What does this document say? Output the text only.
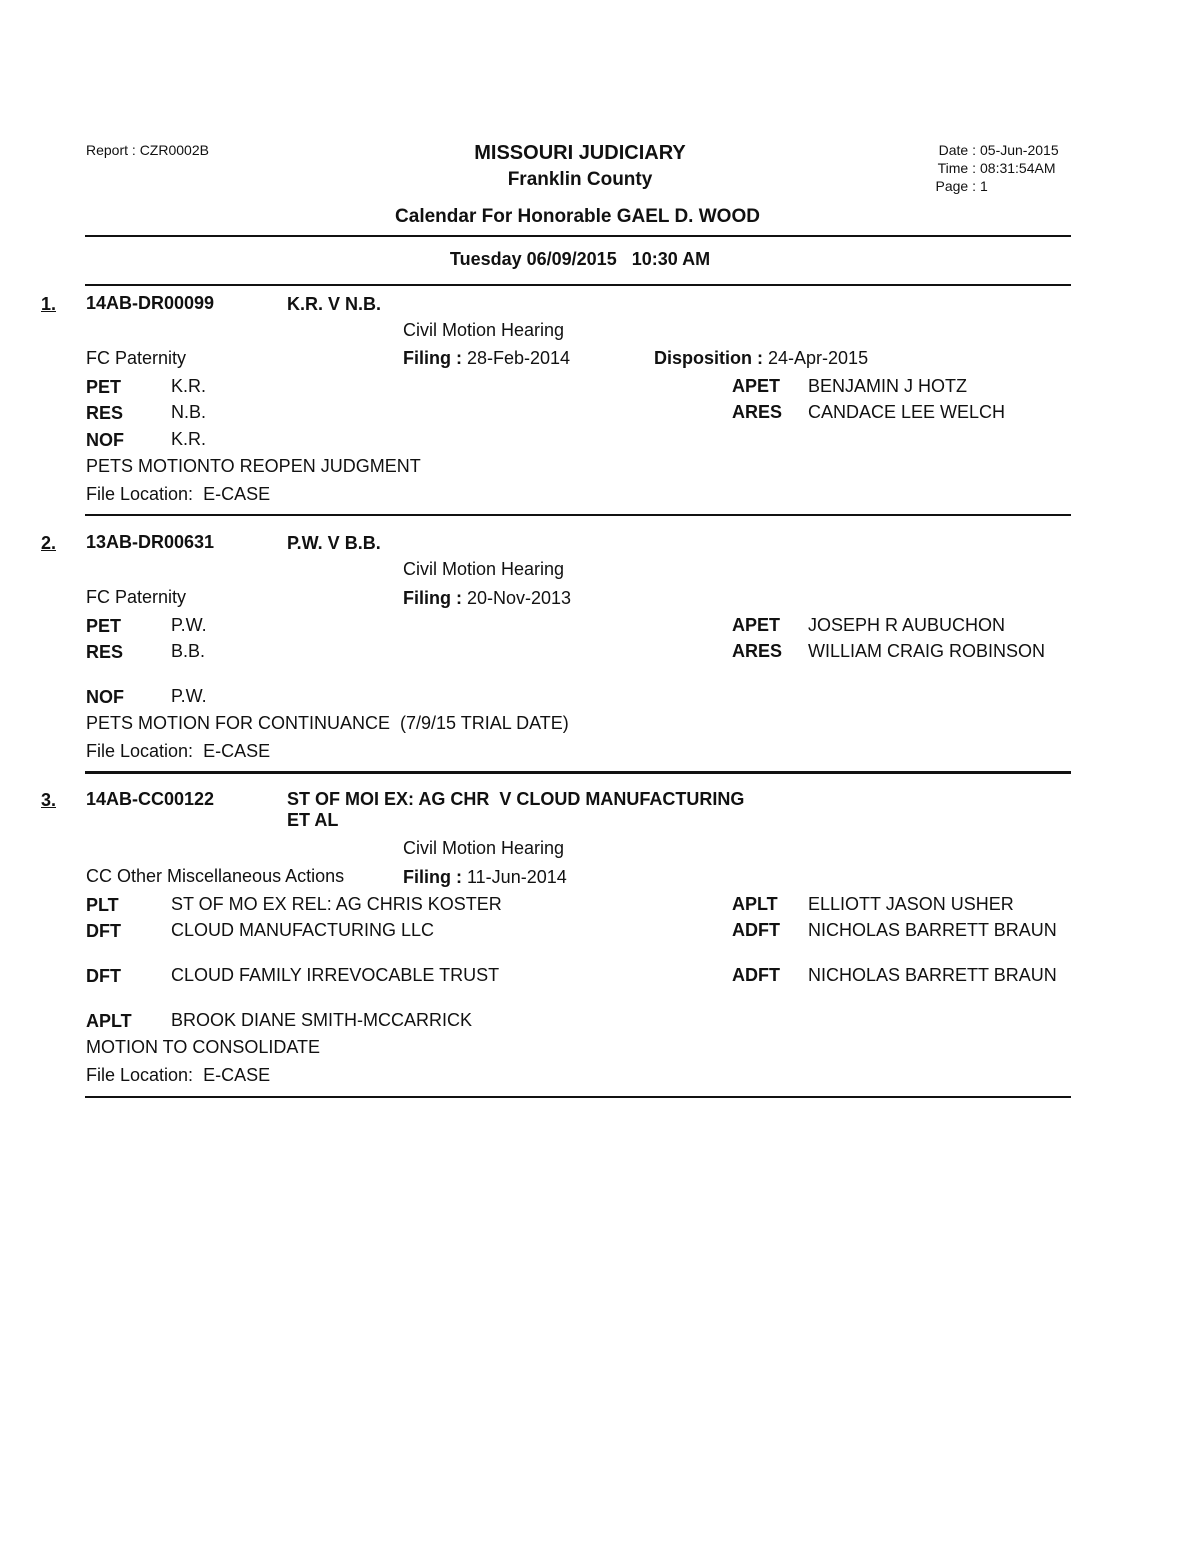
Report : CZR0002B	MISSOURI JUDICIARY
Franklin County
Date : 05-Jun-2015
Time : 08:31:54AM
Page : 1
Calendar For Honorable GAEL D. WOOD
Tuesday 06/09/2015   10:30 AM
1. 14AB-DR00099	K.R. V N.B.
Civil Motion Hearing
FC Paternity	Filing : 28-Feb-2014	Disposition : 24-Apr-2015
PET	K.R.	APET BENJAMIN J HOTZ
RES	N.B.	ARES CANDACE LEE WELCH
NOF	K.R.
PETS MOTIONTO REOPEN JUDGMENT
File Location: E-CASE
2. 13AB-DR00631	P.W. V B.B.
Civil Motion Hearing
FC Paternity	Filing : 20-Nov-2013
PET	P.W.	APET JOSEPH R AUBUCHON
RES	B.B.	ARES WILLIAM CRAIG ROBINSON
NOF	P.W.
PETS MOTION FOR CONTINUANCE  (7/9/15 TRIAL DATE)
File Location: E-CASE
3. 14AB-CC00122	ST OF MOI EX: AG CHR  V CLOUD MANUFACTURING
ET AL
Civil Motion Hearing
CC Other Miscellaneous Actions	Filing : 11-Jun-2014
PLT	ST OF MO EX REL: AG CHRIS KOSTER	APLT ELLIOTT JASON USHER
DFT	CLOUD MANUFACTURING LLC	ADFT NICHOLAS BARRETT BRAUN
DFT	CLOUD FAMILY IRREVOCABLE TRUST	ADFT NICHOLAS BARRETT BRAUN
APLT BROOK DIANE SMITH-MCCARRICK
MOTION TO CONSOLIDATE
File Location: E-CASE
